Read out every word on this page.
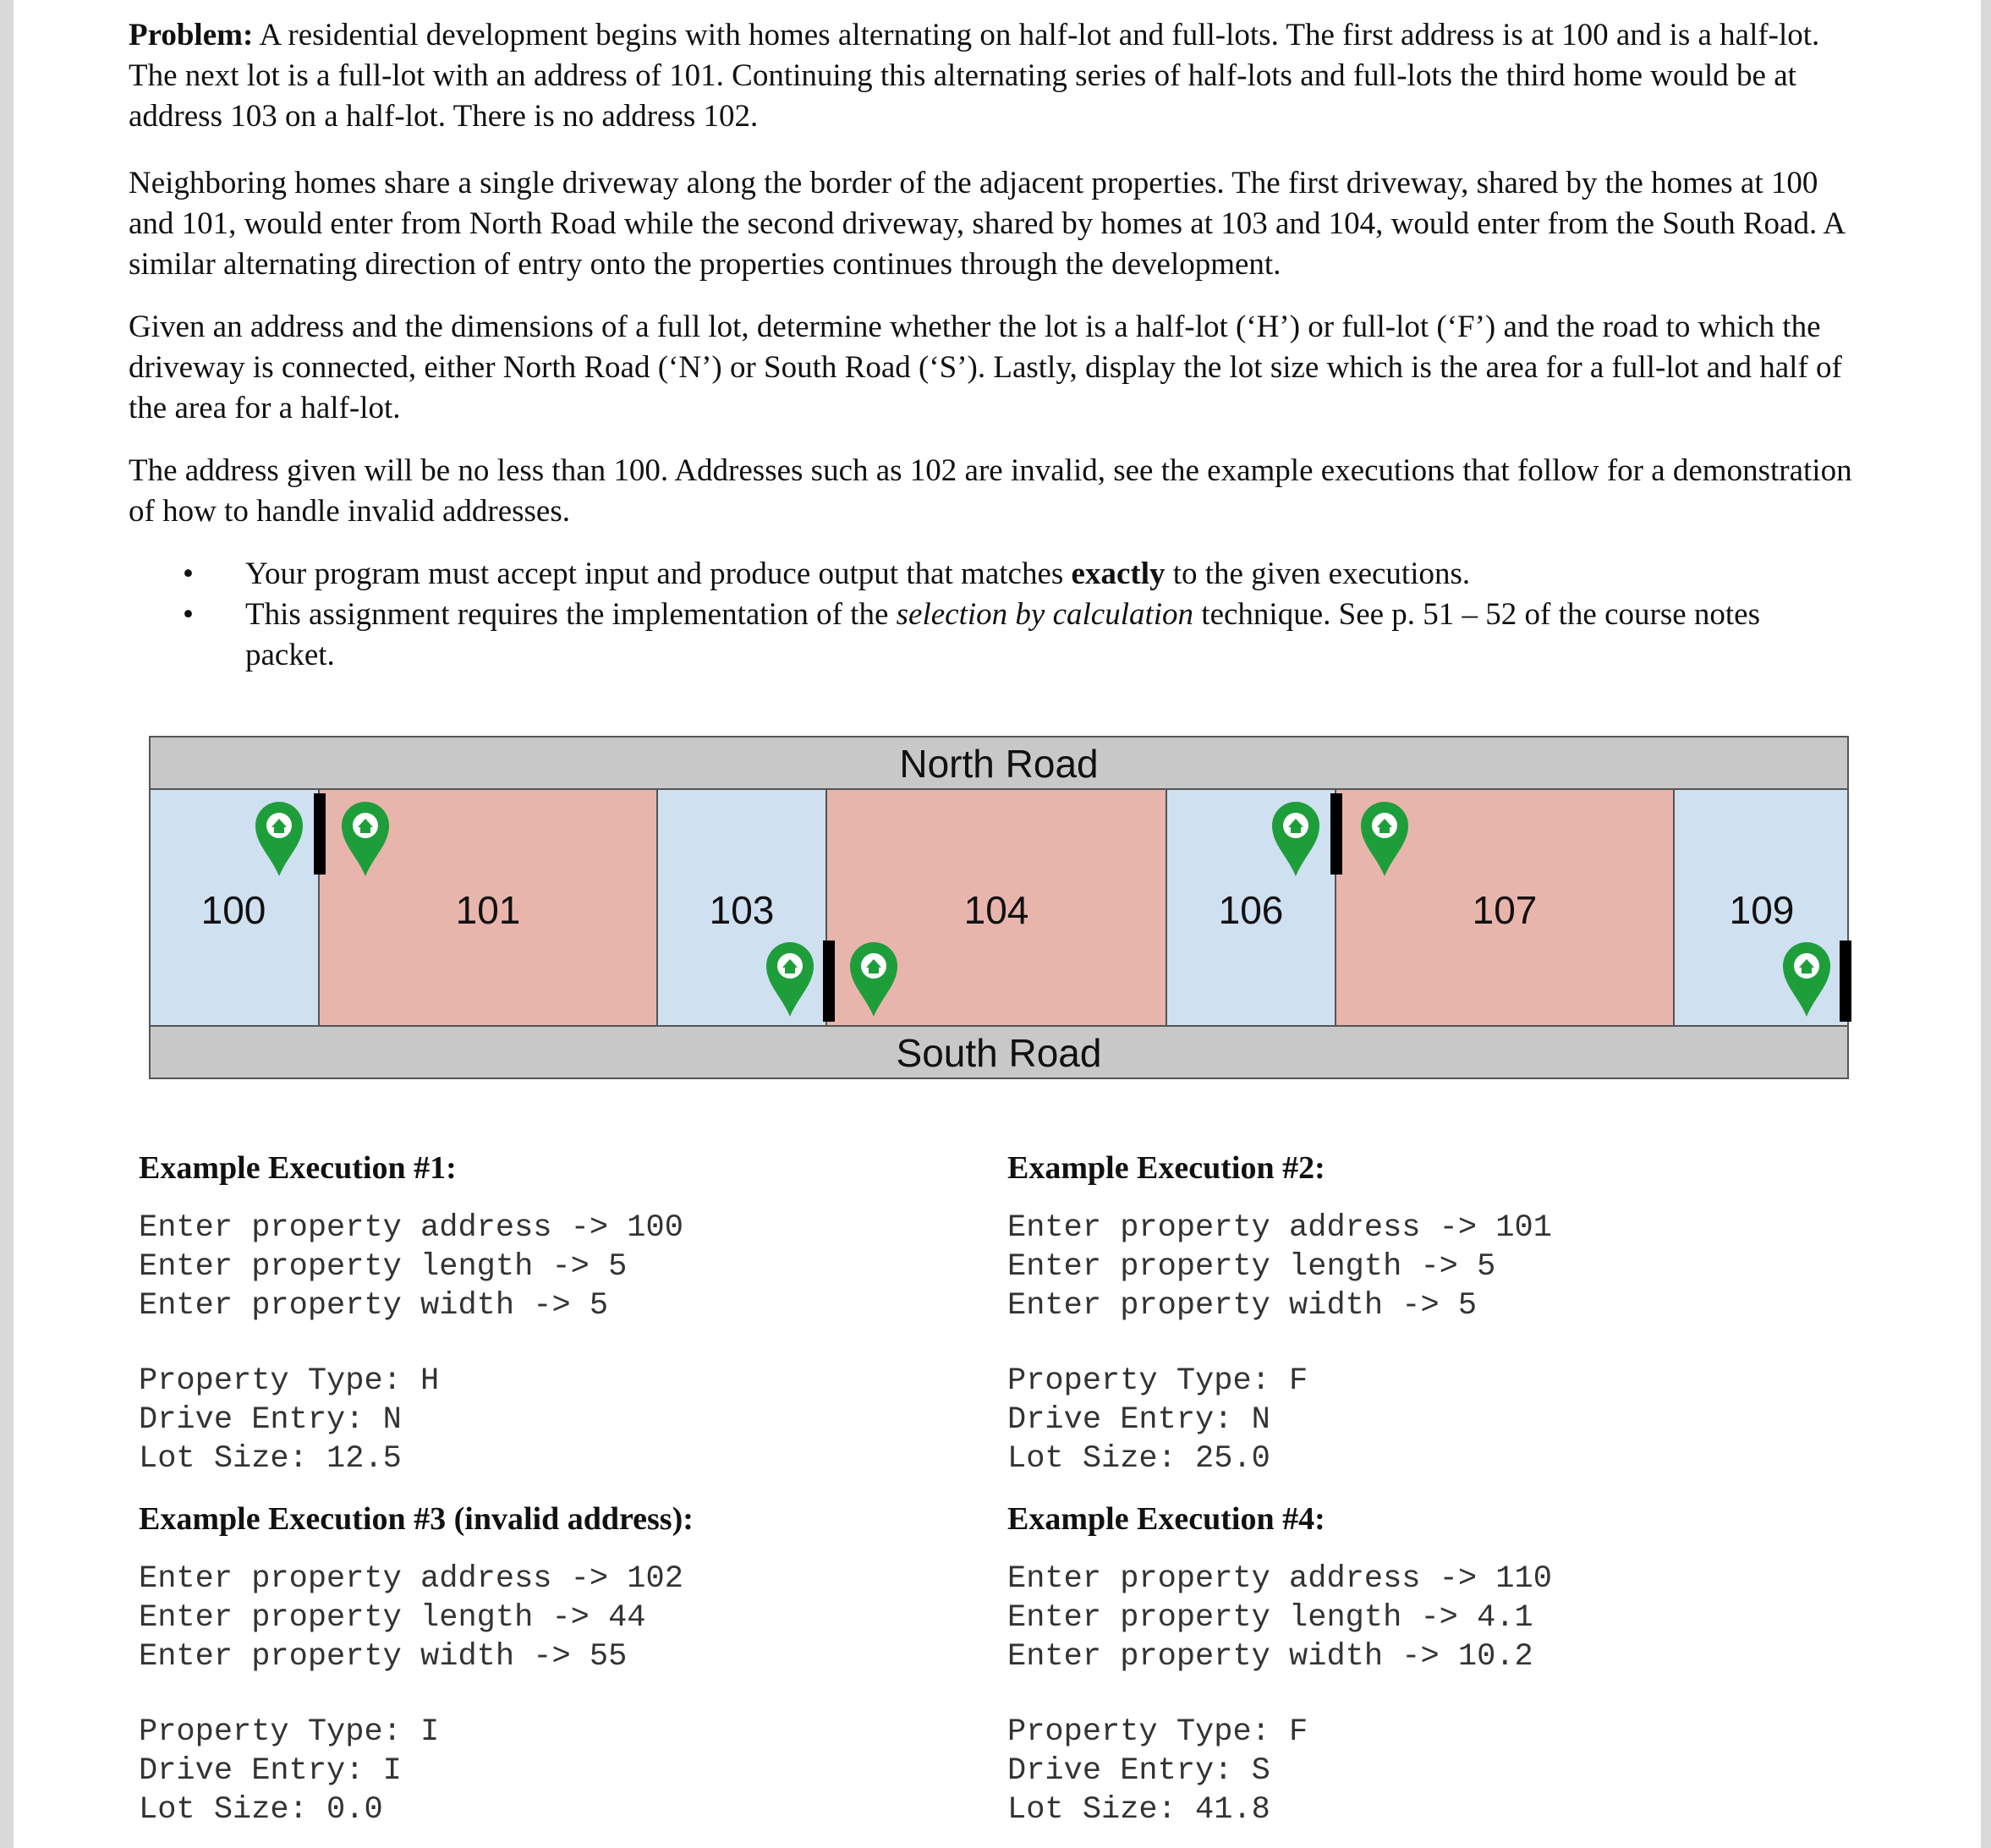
Problem: A residential development begins with homes alternating on half-lot and full-lots. The first address is at 100 and is a half-lot. The next lot is a full-lot with an address of 101. Continuing this alternating series of half-lots and full-lots the third home would be at address 103 on a half-lot. There is no address 102.
Neighboring homes share a single driveway along the border of the adjacent properties. The first driveway, shared by the homes at 100 and 101, would enter from North Road while the second driveway, shared by homes at 103 and 104, would enter from the South Road. A similar alternating direction of entry onto the properties continues through the development.
Given an address and the dimensions of a full lot, determine whether the lot is a half-lot (‘H’) or full-lot (‘F’) and the road to which the driveway is connected, either North Road (‘N’) or South Road (‘S’). Lastly, display the lot size which is the area for a full-lot and half of the area for a half-lot.
The address given will be no less than 100. Addresses such as 102 are invalid, see the example executions that follow for a demonstration of how to handle invalid addresses.
• Your program must accept input and produce output that matches exactly to the given executions.
• This assignment requires the implementation of the selection by calculation technique. See p. 51 – 52 of the course notes packet.
North Road
100	101	103	104	106	107	109
South Road
Example Execution #1:
Enter property address -> 100
Enter property length -> 5
Enter property width -> 5
Property Type: H
Drive Entry: N
Lot Size: 12.5
Example Execution #2:
Enter property address -> 101
Enter property length -> 5
Enter property width -> 5
Property Type: F
Drive Entry: N
Lot Size: 25.0
Example Execution #3 (invalid address):
Enter property address -> 102
Enter property length -> 44
Enter property width -> 55
Property Type: I
Drive Entry: I
Lot Size: 0.0
Example Execution #4:
Enter property address -> 110
Enter property length -> 4.1
Enter property width -> 10.2
Property Type: F
Drive Entry: S
Lot Size: 41.8
